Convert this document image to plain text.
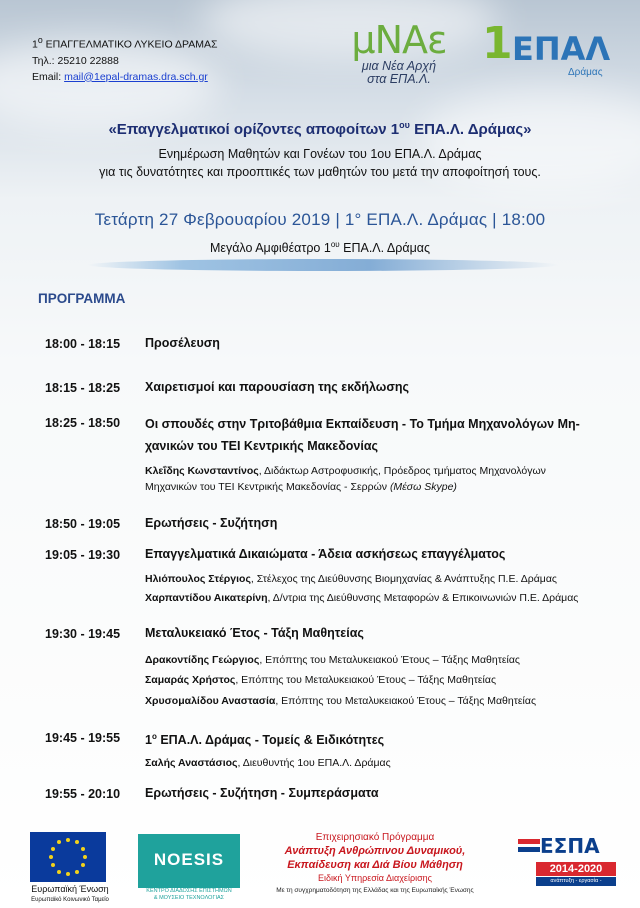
$1^o$ ΕΠΑΓΓΕΛΜΑΤΙΚΟ ΛΥΚΕΙΟ ΔΡΑΜΑΣ
Τηλ.: 25210 22888
Email: mail@1epal-dramas.dra.sch.gr
μΝΑε
μια Νέα Αρχή
στα ΕΠΑ.Λ.
1 ΕΠΑΛ
Δράμας
«Επαγγελματικοί ορίζοντες αποφοίτων $1^{o\upsilon}$ ΕΠΑ.Λ. Δράμας»
Ενημέρωση Μαθητών και Γονέων του 1ου ΕΠΑ.Λ. Δράμας
για τις δυνατότητες και προοπτικές των μαθητών του μετά την αποφοίτησή τους.
Τετάρτη 27 Φεβρουαρίου 2019 | 1° ΕΠΑ.Λ. Δράμας | 18:00
Μεγάλο Αμφιθέατρο $1^{o\upsilon}$ ΕΠΑ.Λ. Δράμας
ΠΡΟΓΡΑΜΜΑ
18:00 - 18:15 Προσέλευση
18:15 - 18:25 Χαιρετισμοί και παρουσίαση της εκδήλωσης
18:25 - 18:50 Οι σπουδές στην Τριτοβάθμια Εκπαίδευση - Το Τμήμα Μηχανολόγων Μη-
χανικών του ΤΕΙ Κεντρικής Μακεδονίας
Κλεΐδης Κωνσταντίνος, Διδάκτωρ Αστροφυσικής, Πρόεδρος τμήματος Μηχανολόγων
Μηχανικών του ΤΕΙ Κεντρικής Μακεδονίας - Σερρών (Μέσω Skype)
18:50 - 19:05 Ερωτήσεις - Συζήτηση
19:05 - 19:30 Επαγγελματικά Δικαιώματα - Άδεια ασκήσεως επαγγέλματος
Ηλιόπουλος Στέργιος, Στέλεχος της Διεύθυνσης Βιομηχανίας & Ανάπτυξης Π.Ε. Δράμας
Χαρπαντίδου Αικατερίνη, Δ/ντρια της Διεύθυνσης Μεταφορών & Επικοινωνιών Π.Ε. Δράμας
19:30 - 19:45 Μεταλυκειακό Έτος - Τάξη Μαθητείας
Δρακοντίδης Γεώργιος, Επόπτης του Μεταλυκειακού Έτους – Τάξης Μαθητείας
Σαμαράς Χρήστος, Επόπτης του Μεταλυκειακού Έτους – Τάξης Μαθητείας
Χρυσομαλίδου Αναστασία, Επόπτης του Μεταλυκειακού Έτους – Τάξης Μαθητείας
19:45 - 19:55 $1^o$ ΕΠΑ.Λ. Δράμας - Τομείς & Ειδικότητες
Σαλής Αναστάσιος, Διευθυντής 1ου ΕΠΑ.Λ. Δράμας
19:55 - 20:10 Ερωτήσεις - Συζήτηση - Συμπεράσματα
Ευρωπαϊκή Ένωση
Ευρωπαϊκό Κοινωνικό Ταμείο
NOESIS
ΚΕΝΤΡΟ ΔΙΑΔΟΣΗΣ ΕΠΙΣΤΗΜΩΝ
& ΜΟΥΣΕΙΟ ΤΕΧΝΟΛΟΓΙΑΣ
Επιχειρησιακό Πρόγραμμα
Ανάπτυξη Ανθρώπινου Δυναμικού,
Εκπαίδευση και Διά Βίου Μάθηση
Ειδική Υπηρεσία Διαχείρισης
Με τη συγχρηματοδότηση της Ελλάδας και της Ευρωπαϊκής Ένωσης
ΕΣΠΑ
2014-2020
ανάπτυξη - εργασία - αλληλεγγύη
